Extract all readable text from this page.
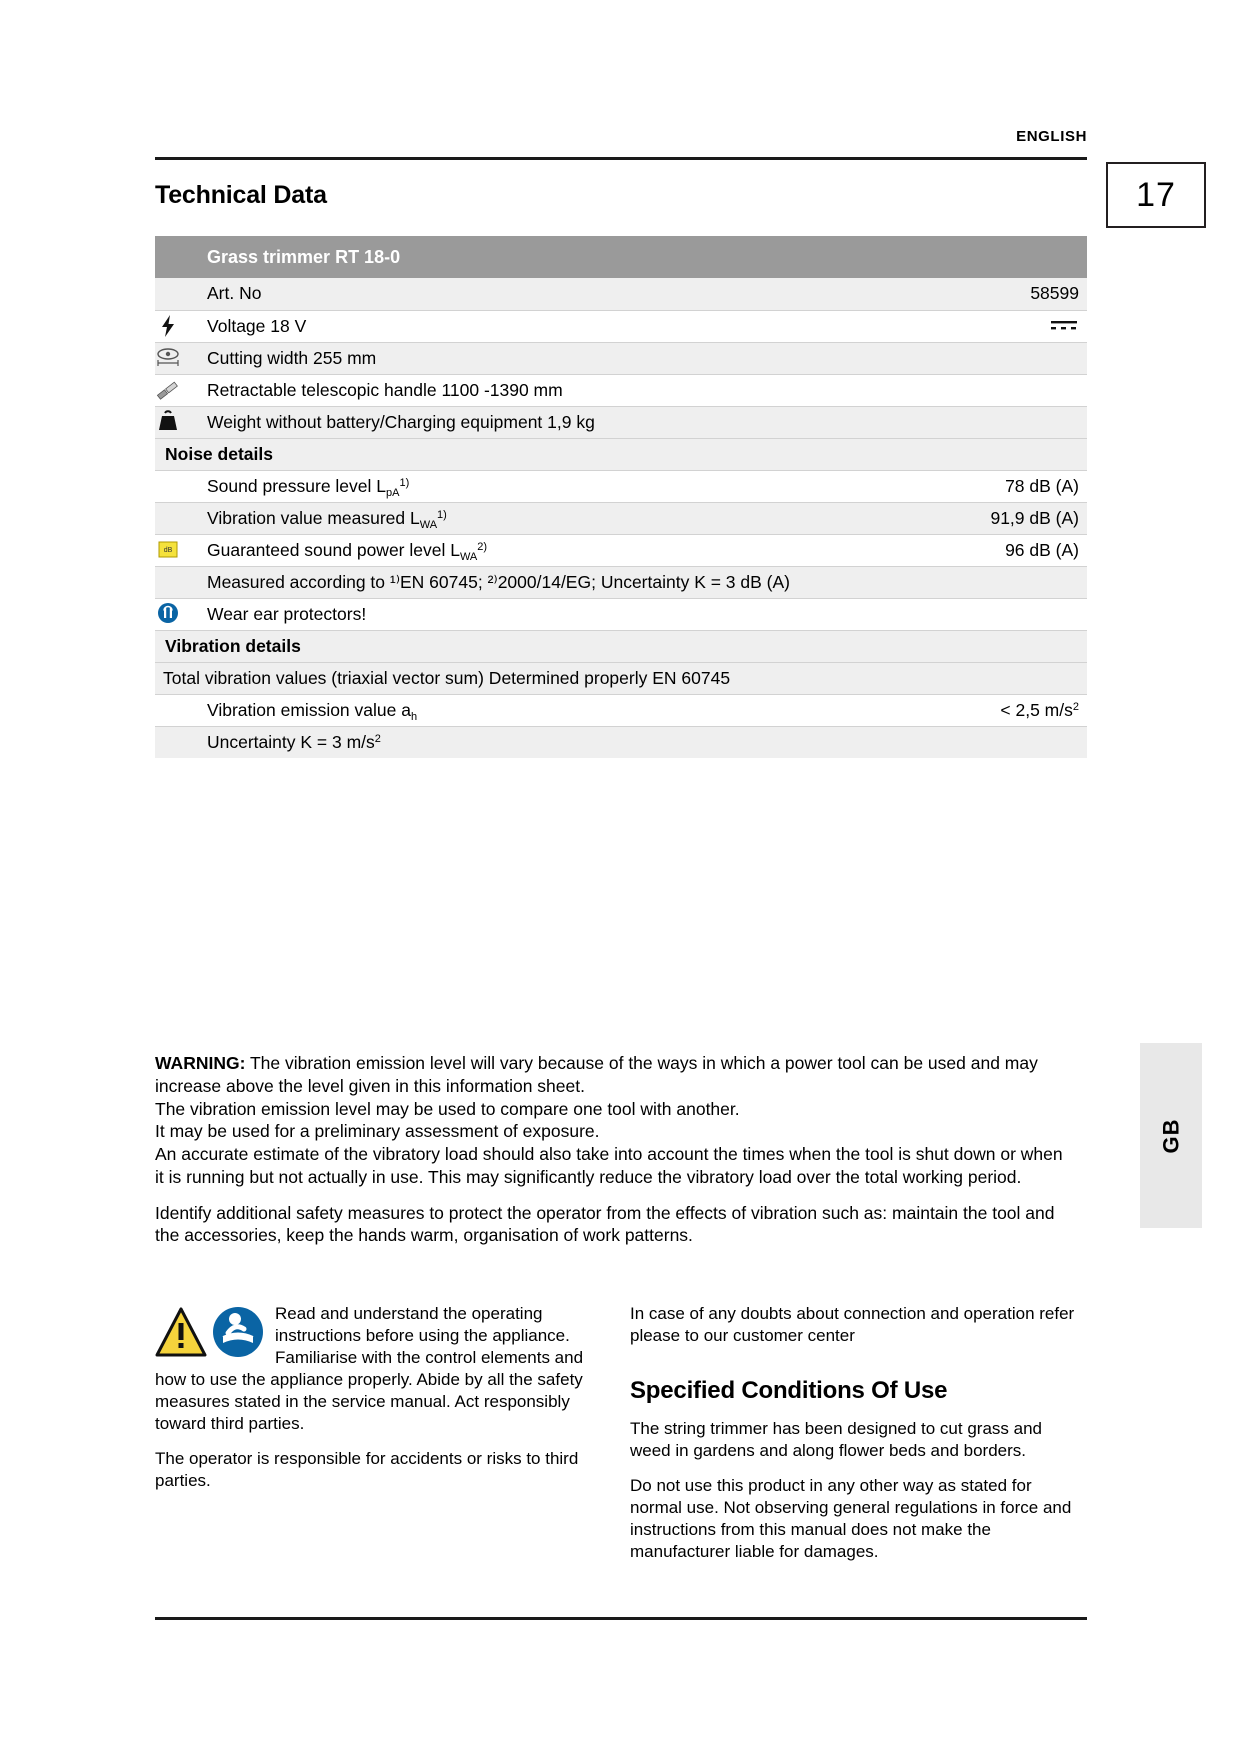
ENGLISH
17
GB
Technical Data
	Grass trimmer RT 18-0	
	Art. No	58599

	Voltage 18 V	

	Cutting width 255 mm	

	Retractable telescopic handle 1100 -1390 mm	

	Weight without battery/Charging equipment 1,9 kg	
Noise details		
	Sound pressure level $L_{pA}^{1)}$	78 dB (A)
	Vibration value measured $L_{WA}^{1)}$	91,9 dB (A)

dB	Guaranteed sound power level $L_{WA}^{2)}$	96 dB (A)
	Measured according to ¹⁾EN 60745; ²⁾2000/14/EG; Uncertainty K = 3 dB (A)	

	Wear ear protectors!	
Vibration details		
Total vibration values (triaxial vector sum) Determined properly EN 60745		
	Vibration emission value $a_h$	< 2,5 $m/s^2$
	Uncertainty K = 3 $m/s^2$

WARNING: The vibration emission level will vary because of the ways in which a power tool can be used and may increase above the level given in this information sheet.

The vibration emission level may be used to compare one tool with another.

It may be used for a preliminary assessment of exposure.

An accurate estimate of the vibratory load should also take into account the times when the tool is shut down or when it is running but not actually in use. This may significantly reduce the vibratory load over the total working period.

Identify additional safety measures to protect the operator from the effects of vibration such as: maintain the tool and the accessories, keep the hands warm, organisation of work patterns.

Read and understand the operating instructions before using the appliance. Familiarise with the control elements and how to use the appliance properly. Abide by all the safety measures stated in the service manual. Act responsibly toward third parties.

The operator is responsible for accidents or risks to third parties.

In case of any doubts about connection and operation refer please to our customer center

Specified Conditions Of Use

The string trimmer has been designed to cut grass and weed in gardens and along flower beds and borders.

Do not use this product in any other way as stated for normal use. Not observing general regulations in force and instructions from this manual does not make the manufacturer liable for damages.
